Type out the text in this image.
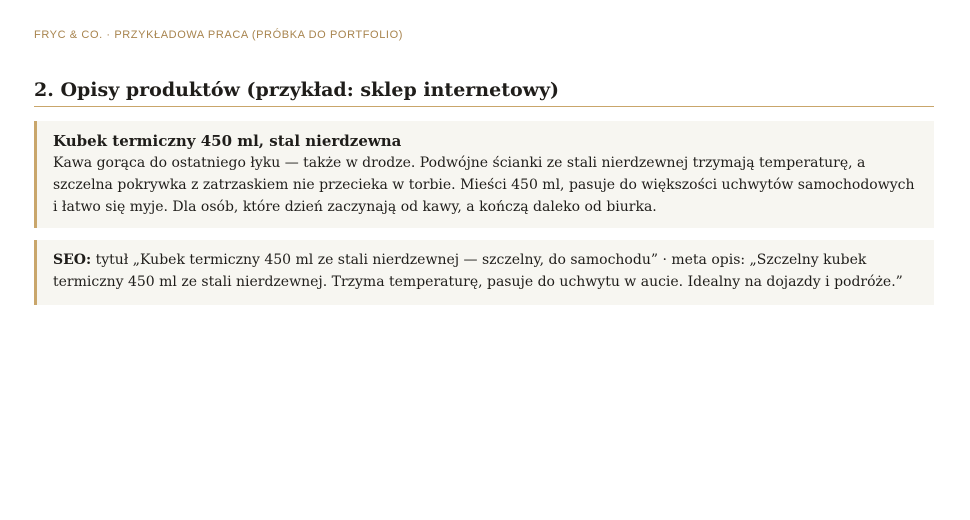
FRYC & CO. · PRZYKŁADOWA PRACA (PRÓBKA DO PORTFOLIO)
2. Opisy produktów (przykład: sklep internetowy)
Kubek termiczny 450 ml, stal nierdzewna
Kawa gorąca do ostatniego łyku — także w drodze. Podwójne ścianki ze stali nierdzewnej trzymają temperaturę, a szczelna pokrywka z zatrzaskiem nie przecieka w torbie. Mieści 450 ml, pasuje do większości uchwytów samochodowych i łatwo się myje. Dla osób, które dzień zaczynają od kawy, a kończą daleko od biurka.
SEO: tytuł „Kubek termiczny 450 ml ze stali nierdzewnej — szczelny, do samochodu” · meta opis: „Szczelny kubek termiczny 450 ml ze stali nierdzewnej. Trzyma temperaturę, pasuje do uchwytu w aucie. Idealny na dojazdy i podróże.”
